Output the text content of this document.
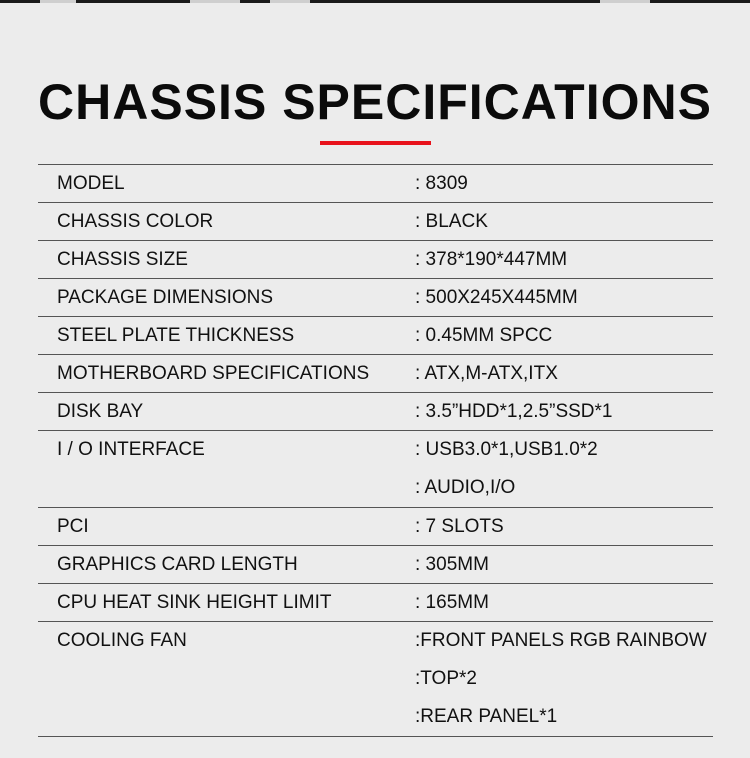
CHASSIS SPECIFICATIONS
MODEL	: 8309
CHASSIS COLOR	: BLACK
CHASSIS SIZE	: 378*190*447MM
PACKAGE DIMENSIONS	: 500X245X445MM
STEEL PLATE THICKNESS	: 0.45MM SPCC
MOTHERBOARD SPECIFICATIONS	: ATX,M-ATX,ITX
DISK BAY	: 3.5”HDD*1,2.5”SSD*1
I / O INTERFACE	: USB3.0*1,USB1.0*2
: AUDIO,I/O
PCI	: 7 SLOTS
GRAPHICS CARD LENGTH	: 305MM
CPU HEAT SINK HEIGHT LIMIT	: 165MM
COOLING FAN	:FRONT PANELS RGB RAINBOW
:TOP*2
:REAR PANEL*1
